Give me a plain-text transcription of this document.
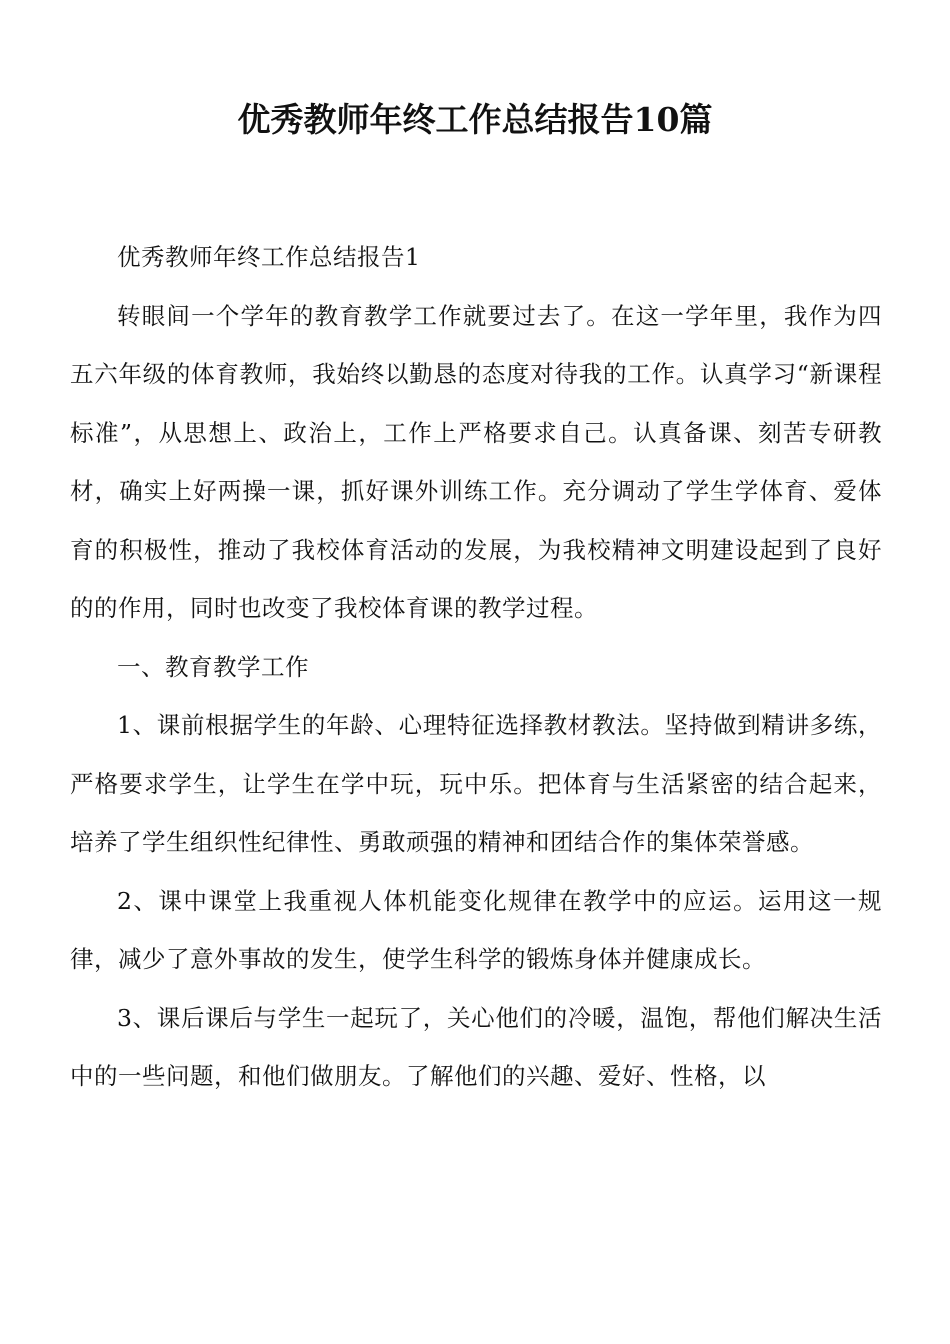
优秀教师年终工作总结报告10篇

优秀教师年终工作总结报告1

转眼间一个学年的教育教学工作就要过去了。在这一学年里，我作为四五六年级的体育教师，我始终以勤恳的态度对待我的工作。认真学习“新课程标准”，从思想上、政治上，工作上严格要求自己。认真备课、刻苦专研教材，确实上好两操一课，抓好课外训练工作。充分调动了学生学体育、爱体育的积极性，推动了我校体育活动的发展，为我校精神文明建设起到了良好的的作用，同时也改变了我校体育课的教学过程。

一、教育教学工作

1、课前根据学生的年龄、心理特征选择教材教法。坚持做到精讲多练，严格要求学生，让学生在学中玩，玩中乐。把体育与生活紧密的结合起来，培养了学生组织性纪律性、勇敢顽强的精神和团结合作的集体荣誉感。

2、课中课堂上我重视人体机能变化规律在教学中的应运。运用这一规律，减少了意外事故的发生，使学生科学的锻炼身体并健康成长。

3、课后课后与学生一起玩了，关心他们的冷暖，温饱，帮他们解决生活中的一些问题，和他们做朋友。了解他们的兴趣、爱好、性格，以
